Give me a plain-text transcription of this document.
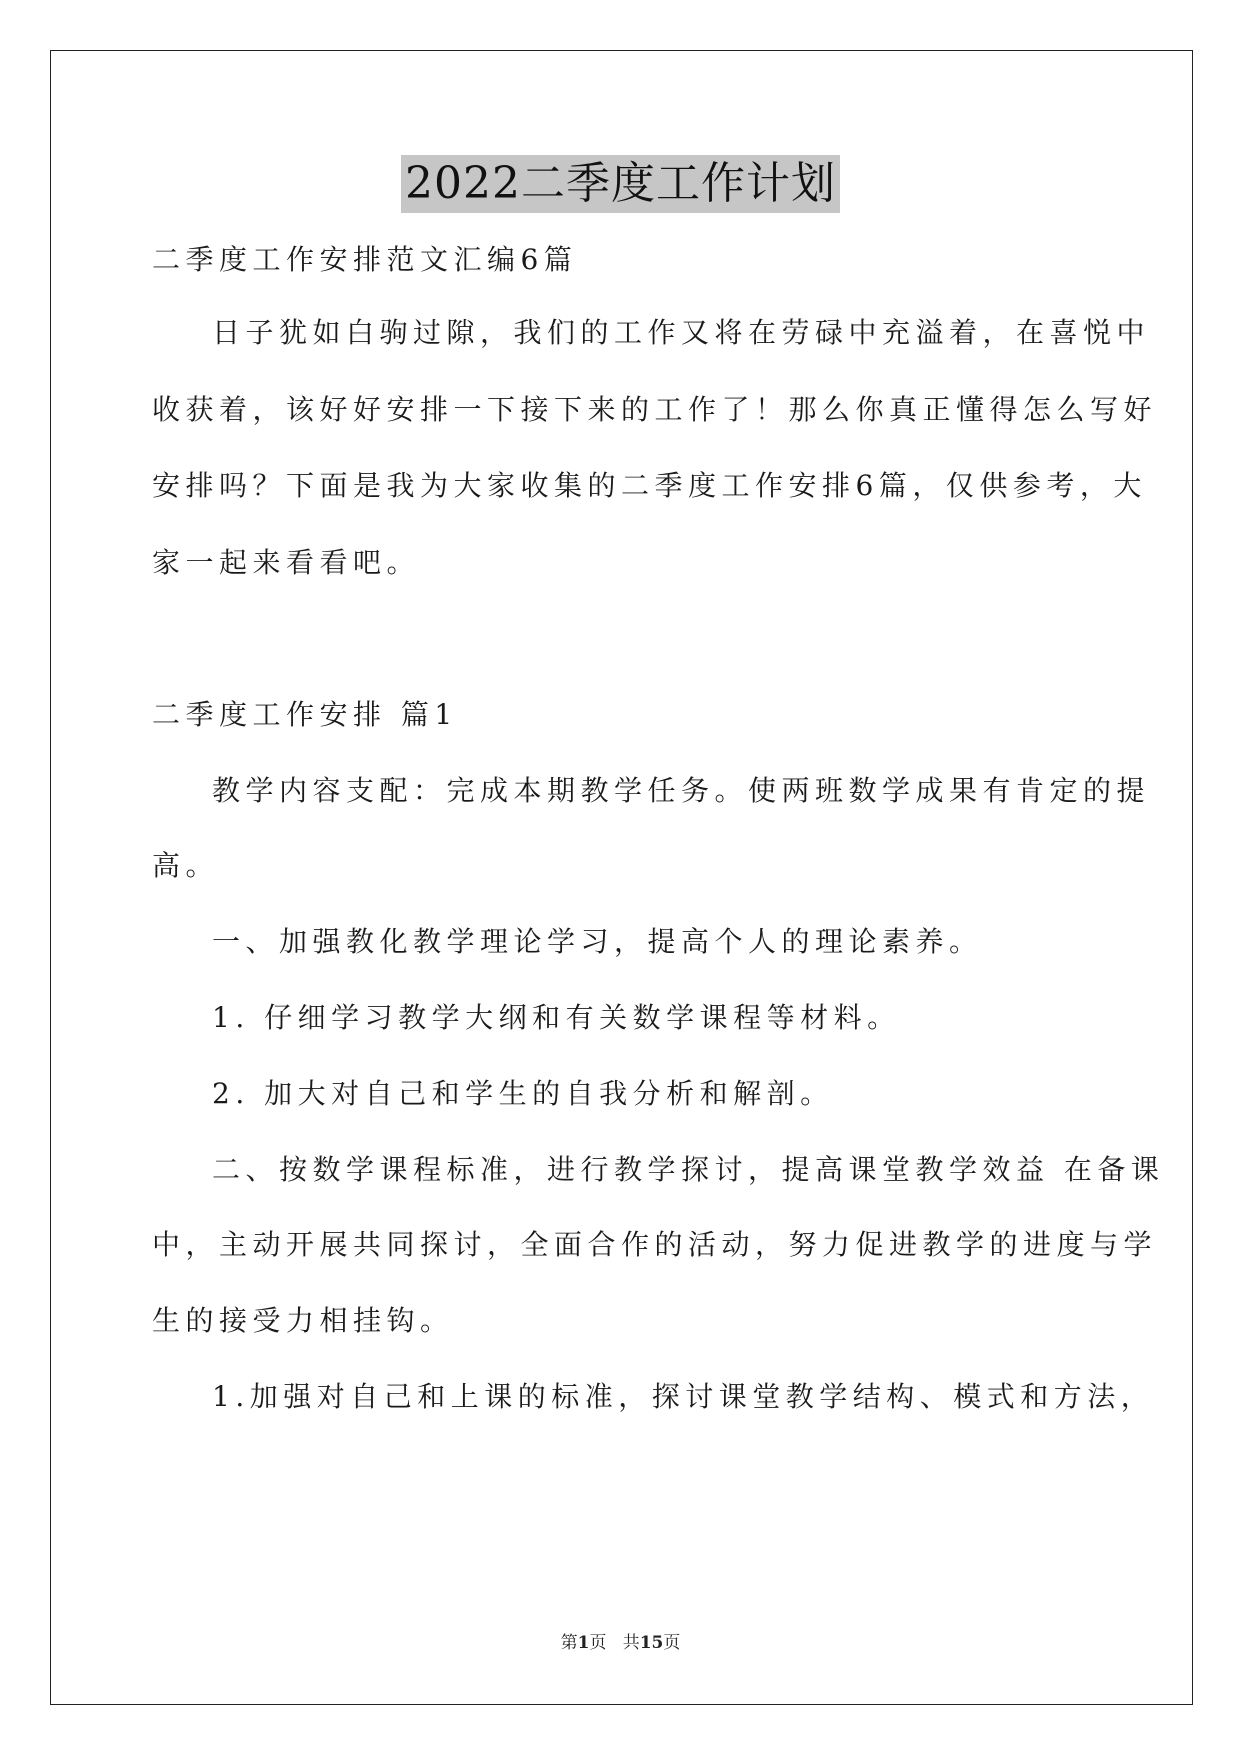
2022二季度工作计划
二季度工作安排范文汇编6篇
日子犹如白驹过隙，我们的工作又将在劳碌中充溢着，在喜悦中
收获着，该好好安排一下接下来的工作了！那么你真正懂得怎么写好
安排吗？下面是我为大家收集的二季度工作安排6篇，仅供参考，大
家一起来看看吧。
二季度工作安排 篇1
教学内容支配：完成本期教学任务。使两班数学成果有肯定的提
高。
一、加强教化教学理论学习，提高个人的理论素养。
1. 仔细学习教学大纲和有关数学课程等材料。
2. 加大对自己和学生的自我分析和解剖。
二、按数学课程标准，进行教学探讨，提高课堂教学效益 在备课
中，主动开展共同探讨，全面合作的活动，努力促进教学的进度与学
生的接受力相挂钩。
1.加强对自己和上课的标准，探讨课堂教学结构、模式和方法，
第1页 共15页
